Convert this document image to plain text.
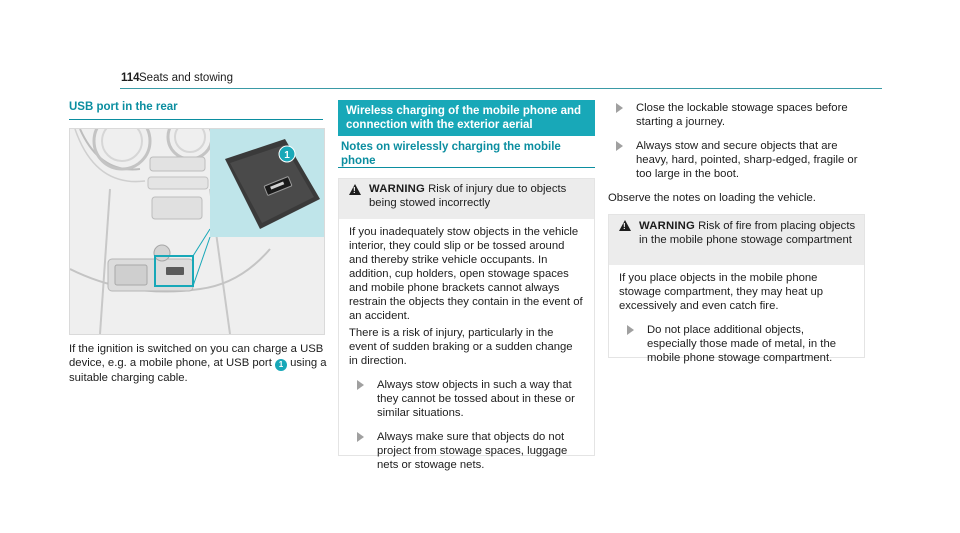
114 Seats and stowing
USB port in the rear
1
If the ignition is switched on you can charge a USB device, e.g. a mobile phone, at USB port 1 using a suitable charging cable.
Wireless charging of the mobile phone and connection with the exterior aerial
Notes on wirelessly charging the mobile phone
!
WARNING Risk of injury due to objects being stowed incorrectly
If you inadequately stow objects in the vehicle interior, they could slip or be tossed around and thereby strike vehicle occupants. In addition, cup holders, open stowage spaces and mobile phone brackets cannot always restrain the objects they contain in the event of an accident.
There is a risk of injury, particularly in the event of sudden braking or a sudden change in direction.
Always stow objects in such a way that they cannot be tossed about in these or similar situations.
Always make sure that objects do not project from stowage spaces, luggage nets or stowage nets.
Close the lockable stowage spaces before starting a journey.
Always stow and secure objects that are heavy, hard, pointed, sharp-edged, fragile or too large in the boot.
Observe the notes on loading the vehicle.
!
WARNING Risk of fire from placing objects in the mobile phone stowage compartment
If you place objects in the mobile phone stowage compartment, they may heat up excessively and even catch fire.
Do not place additional objects, especially those made of metal, in the mobile phone stowage compartment.
